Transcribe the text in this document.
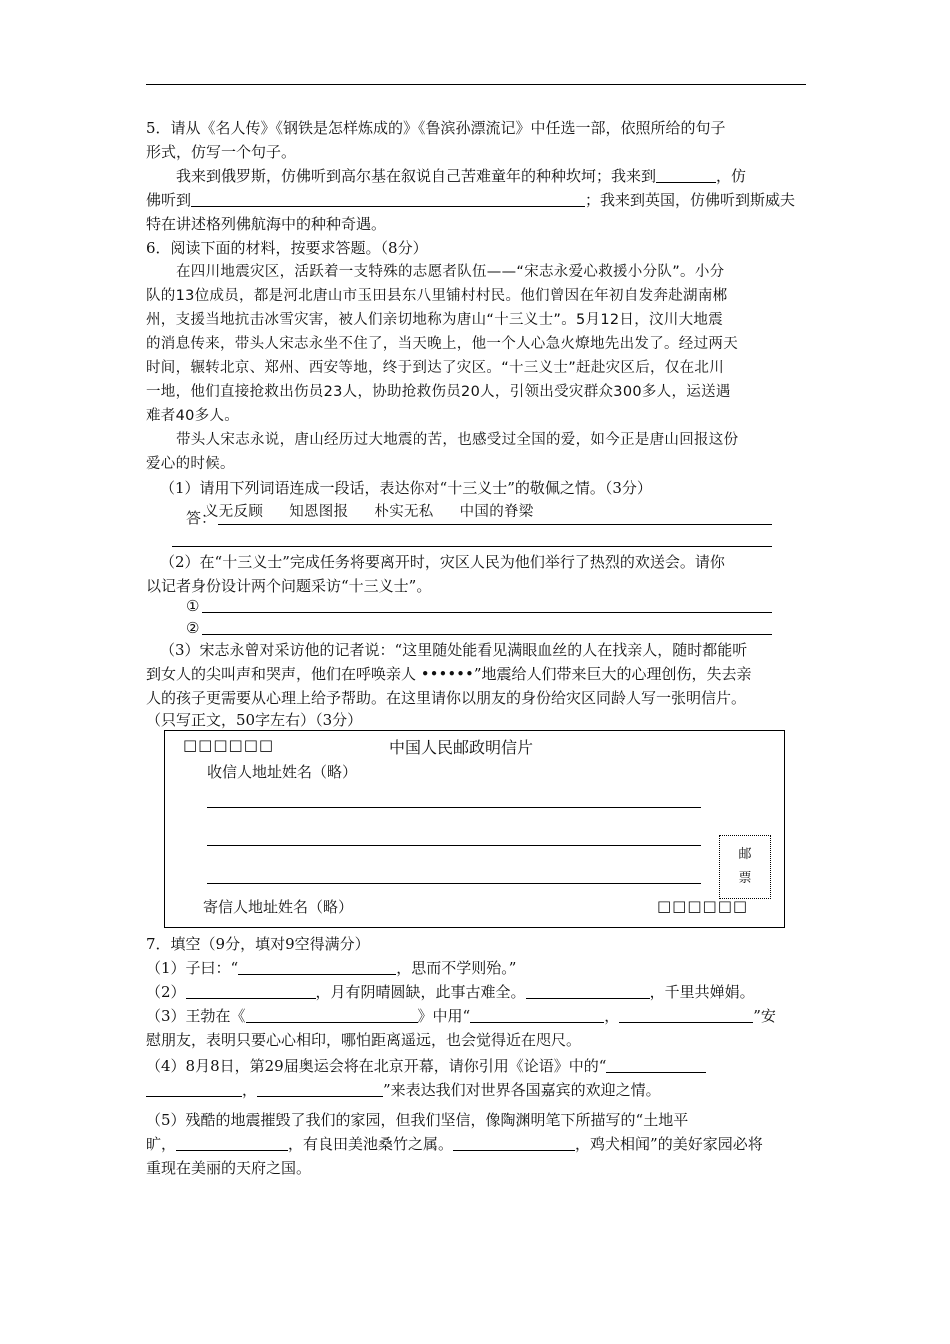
5．请从《名人传》《钢铁是怎样炼成的》《鲁滨孙漂流记》中任选一部，依照所给的句子
形式，仿写一个句子。
我来到俄罗斯，仿佛听到高尔基在叙说自己苦难童年的种种坎坷；我来到	，仿
佛听到	；我来到英国，仿佛听到斯威夫
特在讲述格列佛航海中的种种奇遇。
6．阅读下面的材料，按要求答题。（8分）
在四川地震灾区，活跃着一支特殊的志愿者队伍——“宋志永爱心救援小分队”。小分
队的13位成员，都是河北唐山市玉田县东八里铺村村民。他们曾因在年初自发奔赴湖南郴
州，支援当地抗击冰雪灾害，被人们亲切地称为唐山“十三义士”。5月12日，汶川大地震
的消息传来，带头人宋志永坐不住了，当天晚上，他一个人心急火燎地先出发了。经过两天
时间，辗转北京、郑州、西安等地，终于到达了灾区。“十三义士”赶赴灾区后，仅在北川
一地，他们直接抢救出伤员23人，协助抢救伤员20人，引领出受灾群众300多人，运送遇
难者40多人。
带头人宋志永说，唐山经历过大地震的苦，也感受过全国的爱，如今正是唐山回报这份
爱心的时候。
（1）请用下列词语连成一段话，表达你对“十三义士”的敬佩之情。（3分）
义无反顾 知恩图报 朴实无私 中国的脊梁
答：
（2）在“十三义士”完成任务将要离开时，灾区人民为他们举行了热烈的欢送会。请你
以记者身份设计两个问题采访“十三义士”。
①
②
（3）宋志永曾对采访他的记者说：“这里随处能看见满眼血丝的人在找亲人，随时都能听
到女人的尖叫声和哭声，他们在呼唤亲人 ••••••”地震给人们带来巨大的心理创伤，失去亲
人的孩子更需要从心理上给予帮助。在这里请你以朋友的身份给灾区同龄人写一张明信片。
（只写正文，50字左右）（3分）
□□□□□□	中国人民邮政明信片
收信人地址姓名（略）
邮
票
寄信人地址姓名（略）	□□□□□□
7．填空（9分，填对9空得满分）
（1）子曰：“	，思而不学则殆。”
（2）	，月有阴晴圆缺，此事古难全。	，千里共婵娟。
（3）王勃在《	》中用“	，	”安
慰朋友，表明只要心心相印，哪怕距离遥远，也会觉得近在咫尺。
（4）8月8日，第29届奥运会将在北京开幕，请你引用《论语》中的“
，	”来表达我们对世界各国嘉宾的欢迎之情。
（5）残酷的地震摧毁了我们的家园，但我们坚信，像陶渊明笔下所描写的“土地平
旷，	，有良田美池桑竹之属。	，鸡犬相闻”的美好家园必将
重现在美丽的天府之国。
